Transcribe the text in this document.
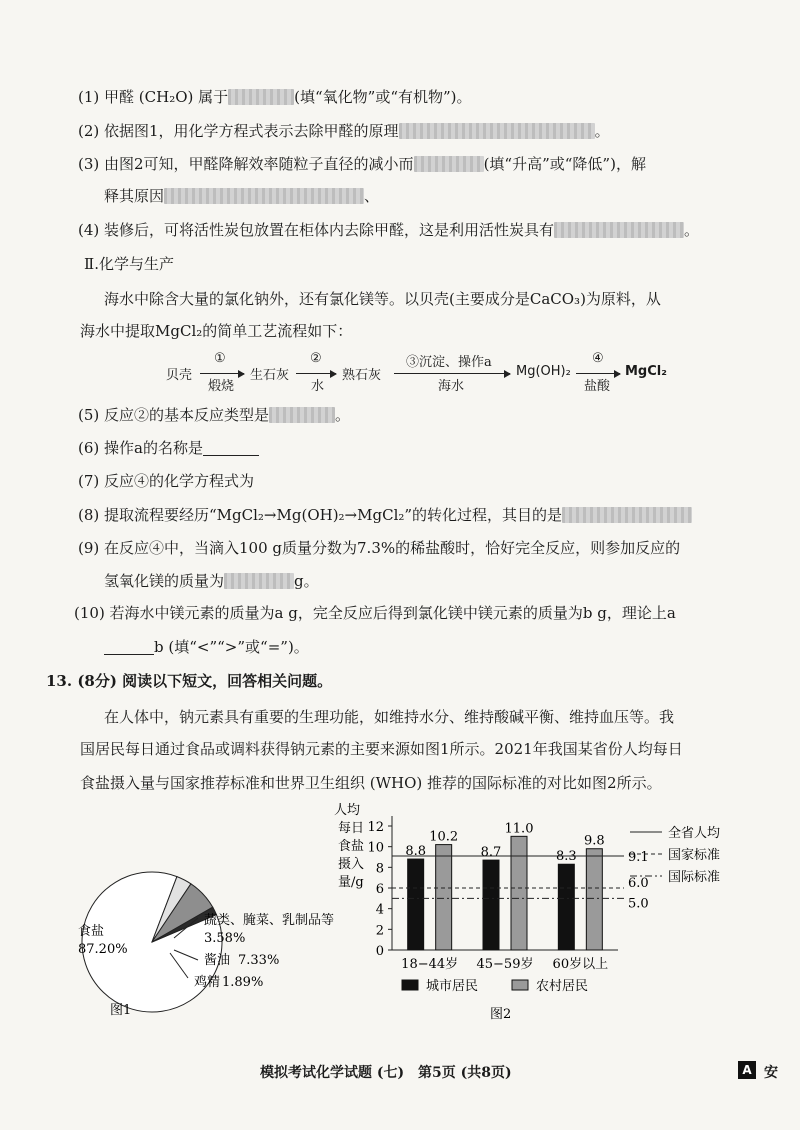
(1) 甲醛 (CH₂O) 属于	(填“氧化物”或“有机物”)。
(2) 依据图1，用化学方程式表示去除甲醛的原理	。
(3) 由图2可知，甲醛降解效率随粒子直径的减小而	(填“升高”或“降低”)，解
释其原因	、
(4) 装修后，可将活性炭包放置在柜体内去除甲醛，这是利用活性炭具有	。
Ⅱ.化学与生产
海水中除含大量的氯化钠外，还有氯化镁等。以贝壳(主要成分是CaCO₃)为原料，从
海水中提取MgCl₂的简单工艺流程如下：
贝壳
①
煅烧
生石灰
②
水
熟石灰
③沉淀、操作a
海水
Mg(OH)₂
④
盐酸
MgCl₂
(5) 反应②的基本反应类型是	。
(6) 操作a的名称是
(7) 反应④的化学方程式为
(8) 提取流程要经历“MgCl₂→Mg(OH)₂→MgCl₂”的转化过程，其目的是
(9) 在反应④中，当滴入100 g质量分数为7.3%的稀盐酸时，恰好完全反应，则参加反应的
氢氧化镁的质量为	g。
(10) 若海水中镁元素的质量为a g，完全反应后得到氯化镁中镁元素的质量为b g，理论上a
b (填“<”“>”或“=”)。
13. (8分) 阅读以下短文，回答相关问题。
在人体中，钠元素具有重要的生理功能，如维持水分、维持酸碱平衡、维持血压等。我
国居民每日通过食品或调料获得钠元素的主要来源如图1所示。2021年我国某省份人均每日
食盐摄入量与国家推荐标准和世界卫生组织 (WHO) 推荐的国际标准的对比如图2所示。
食盐
87.20%
蔬类、腌菜、乳制品等
3.58%
酱油 7.33%
鸡精 1.89%
图1
人均每日食盐摄入量/g
0
2
4
6
8
10
12
8.8
10.2
18−44岁
8.7
11.0
45−59岁
8.3
9.8
60岁以上
9.1
全省人均
6.0
国家标准
5.0
国际标准
城市居民	农村居民
图2
模拟考试化学试题 (七) 第5页 (共8页)	A 安
